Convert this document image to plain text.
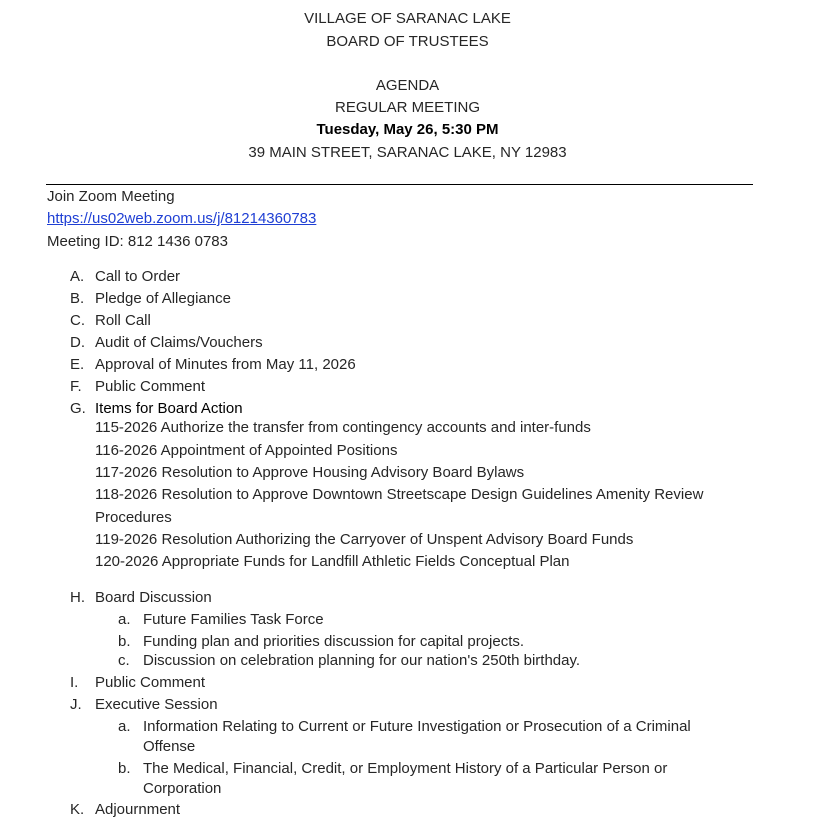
VILLAGE OF SARANAC LAKE
BOARD OF TRUSTEES
AGENDA
REGULAR MEETING
Tuesday, May 26, 5:30 PM
39 MAIN STREET, SARANAC LAKE, NY 12983
Join Zoom Meeting
https://us02web.zoom.us/j/81214360783
Meeting ID: 812 1436 0783
A. Call to Order
B. Pledge of Allegiance
C. Roll Call
D. Audit of Claims/Vouchers
E. Approval of Minutes from May 11, 2026
F. Public Comment
G. Items for Board Action
115-2026 Authorize the transfer from contingency accounts and inter-funds
116-2026 Appointment of Appointed Positions
117-2026 Resolution to Approve Housing Advisory Board Bylaws
118-2026 Resolution to Approve Downtown Streetscape Design Guidelines Amenity Review
Procedures
119-2026 Resolution Authorizing the Carryover of Unspent Advisory Board Funds
120-2026 Appropriate Funds for Landfill Athletic Fields Conceptual Plan
H. Board Discussion
a. Future Families Task Force
b. Funding plan and priorities discussion for capital projects.
c. Discussion on celebration planning for our nation's 250th birthday.
I. Public Comment
J. Executive Session
a. Information Relating to Current or Future Investigation or Prosecution of a Criminal
Offense
b. The Medical, Financial, Credit, or Employment History of a Particular Person or
Corporation
K. Adjournment
